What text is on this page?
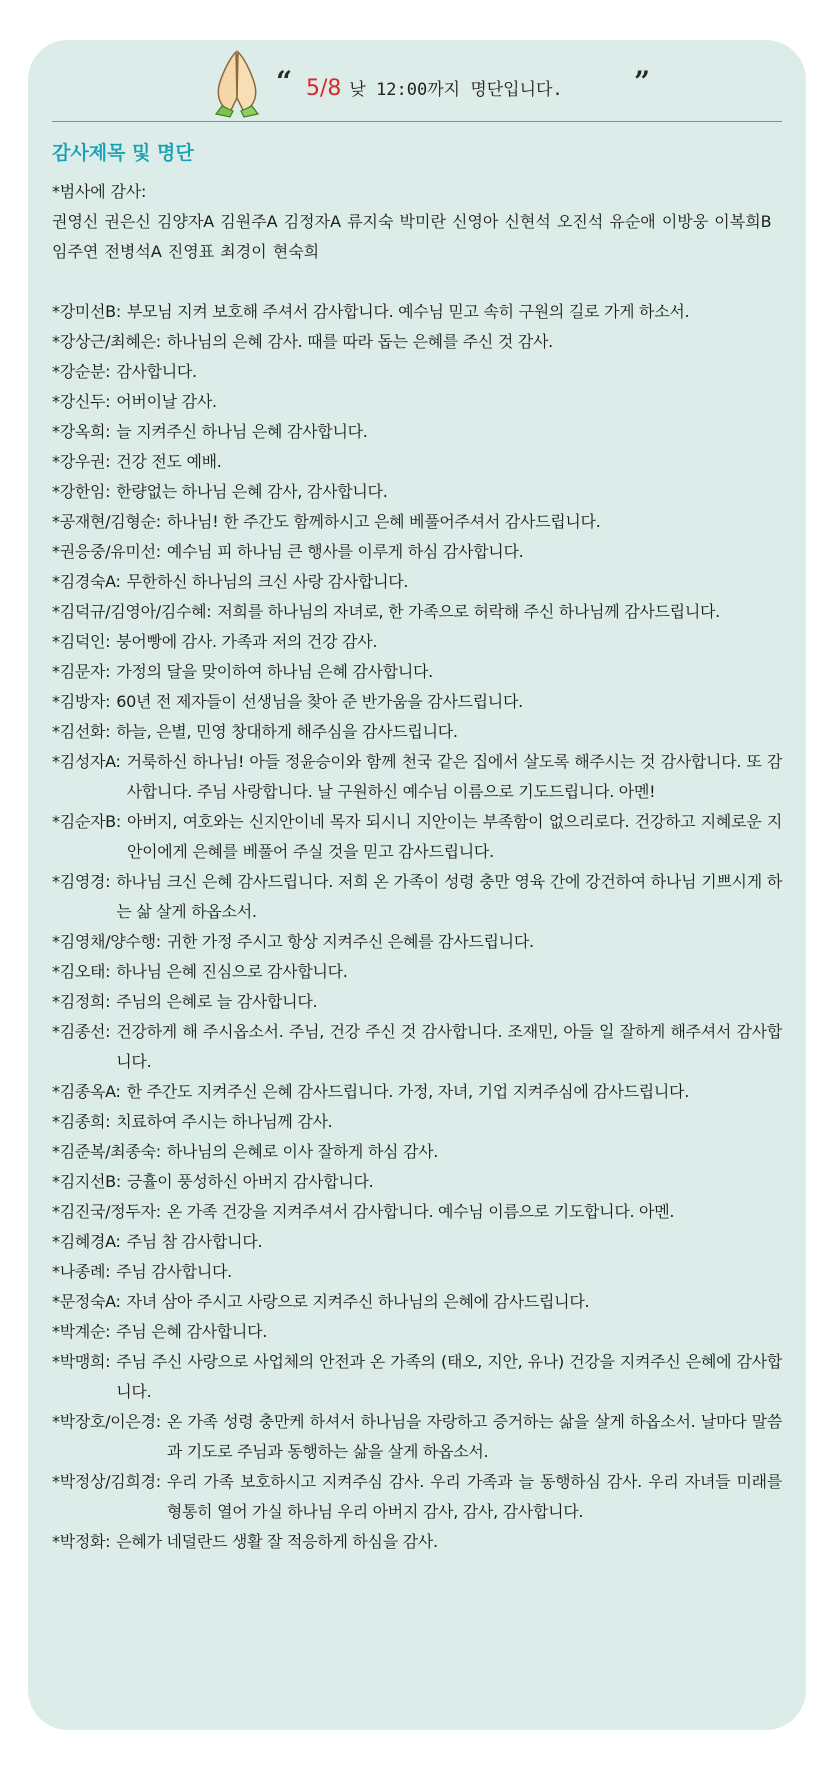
“ 5/8 낮 12:00까지 명단입니다.	”
감사제목 및 명단
*범사에 감사:
권영신 권은신 김양자A 김원주A 김정자A 류지숙 박미란 신영아 신현석 오진석 유순애 이방웅 이복희B 임주연 전병석A 진영표 최경이 현숙희
*강미선B: 부모님 지켜 보호해 주셔서 감사합니다. 예수님 믿고 속히 구원의 길로 가게 하소서.
*강상근/최혜은: 하나님의 은혜 감사. 때를 따라 돕는 은혜를 주신 것 감사.
*강순분: 감사합니다.
*강신두: 어버이날 감사.
*강옥희: 늘 지켜주신 하나님 은혜 감사합니다.
*강우권: 건강 전도 예배.
*강한임: 한량없는 하나님 은혜 감사, 감사합니다.
*공재현/김형순: 하나님! 한 주간도 함께하시고 은혜 베풀어주셔서 감사드립니다.
*권응중/유미선: 예수님 피 하나님 큰 행사를 이루게 하심 감사합니다.
*김경숙A: 무한하신 하나님의 크신 사랑 감사합니다.
*김덕규/김영아/김수혜: 저희를 하나님의 자녀로, 한 가족으로 허락해 주신 하나님께 감사드립니다.
*김덕인: 붕어빵에 감사. 가족과 저의 건강 감사.
*김문자: 가정의 달을 맞이하여 하나님 은혜 감사합니다.
*김방자: 60년 전 제자들이 선생님을 찾아 준 반가움을 감사드립니다.
*김선화: 하늘, 은별, 민영 창대하게 해주심을 감사드립니다.
*김성자A: 거룩하신 하나님! 아들 정윤승이와 함께 천국 같은 집에서 살도록 해주시는 것 감사합니다. 또 감사합니다. 주님 사랑합니다. 날 구원하신 예수님 이름으로 기도드립니다. 아멘!
*김순자B: 아버지, 여호와는 신지안이네 목자 되시니 지안이는 부족함이 없으리로다. 건강하고 지혜로운 지안이에게 은혜를 베풀어 주실 것을 믿고 감사드립니다.
*김영경: 하나님 크신 은혜 감사드립니다. 저희 온 가족이 성령 충만 영육 간에 강건하여 하나님 기쁘시게 하는 삶 살게 하옵소서.
*김영채/양수행: 귀한 가정 주시고 항상 지켜주신 은혜를 감사드립니다.
*김오태: 하나님 은혜 진심으로 감사합니다.
*김정희: 주님의 은혜로 늘 감사합니다.
*김종선: 건강하게 해 주시옵소서. 주님, 건강 주신 것 감사합니다. 조재민, 아들 일 잘하게 해주셔서 감사합니다.
*김종옥A: 한 주간도 지켜주신 은혜 감사드립니다. 가정, 자녀, 기업 지켜주심에 감사드립니다.
*김종희: 치료하여 주시는 하나님께 감사.
*김준복/최종숙: 하나님의 은혜로 이사 잘하게 하심 감사.
*김지선B: 긍휼이 풍성하신 아버지 감사합니다.
*김진국/정두자: 온 가족 건강을 지켜주셔서 감사합니다. 예수님 이름으로 기도합니다. 아멘.
*김혜경A: 주님 참 감사합니다.
*나종례: 주님 감사합니다.
*문정숙A: 자녀 삼아 주시고 사랑으로 지켜주신 하나님의 은혜에 감사드립니다.
*박계순: 주님 은혜 감사합니다.
*박맹희: 주님 주신 사랑으로 사업체의 안전과 온 가족의 (태오, 지안, 유나) 건강을 지켜주신 은혜에 감사합니다.
*박장호/이은경: 온 가족 성령 충만케 하셔서 하나님을 자랑하고 증거하는 삶을 살게 하옵소서. 날마다 말씀과 기도로 주님과 동행하는 삶을 살게 하옵소서.
*박정상/김희경: 우리 가족 보호하시고 지켜주심 감사. 우리 가족과 늘 동행하심 감사. 우리 자녀들 미래를 형통히 열어 가실 하나님 우리 아버지 감사, 감사, 감사합니다.
*박정화: 은혜가 네덜란드 생활 잘 적응하게 하심을 감사.
